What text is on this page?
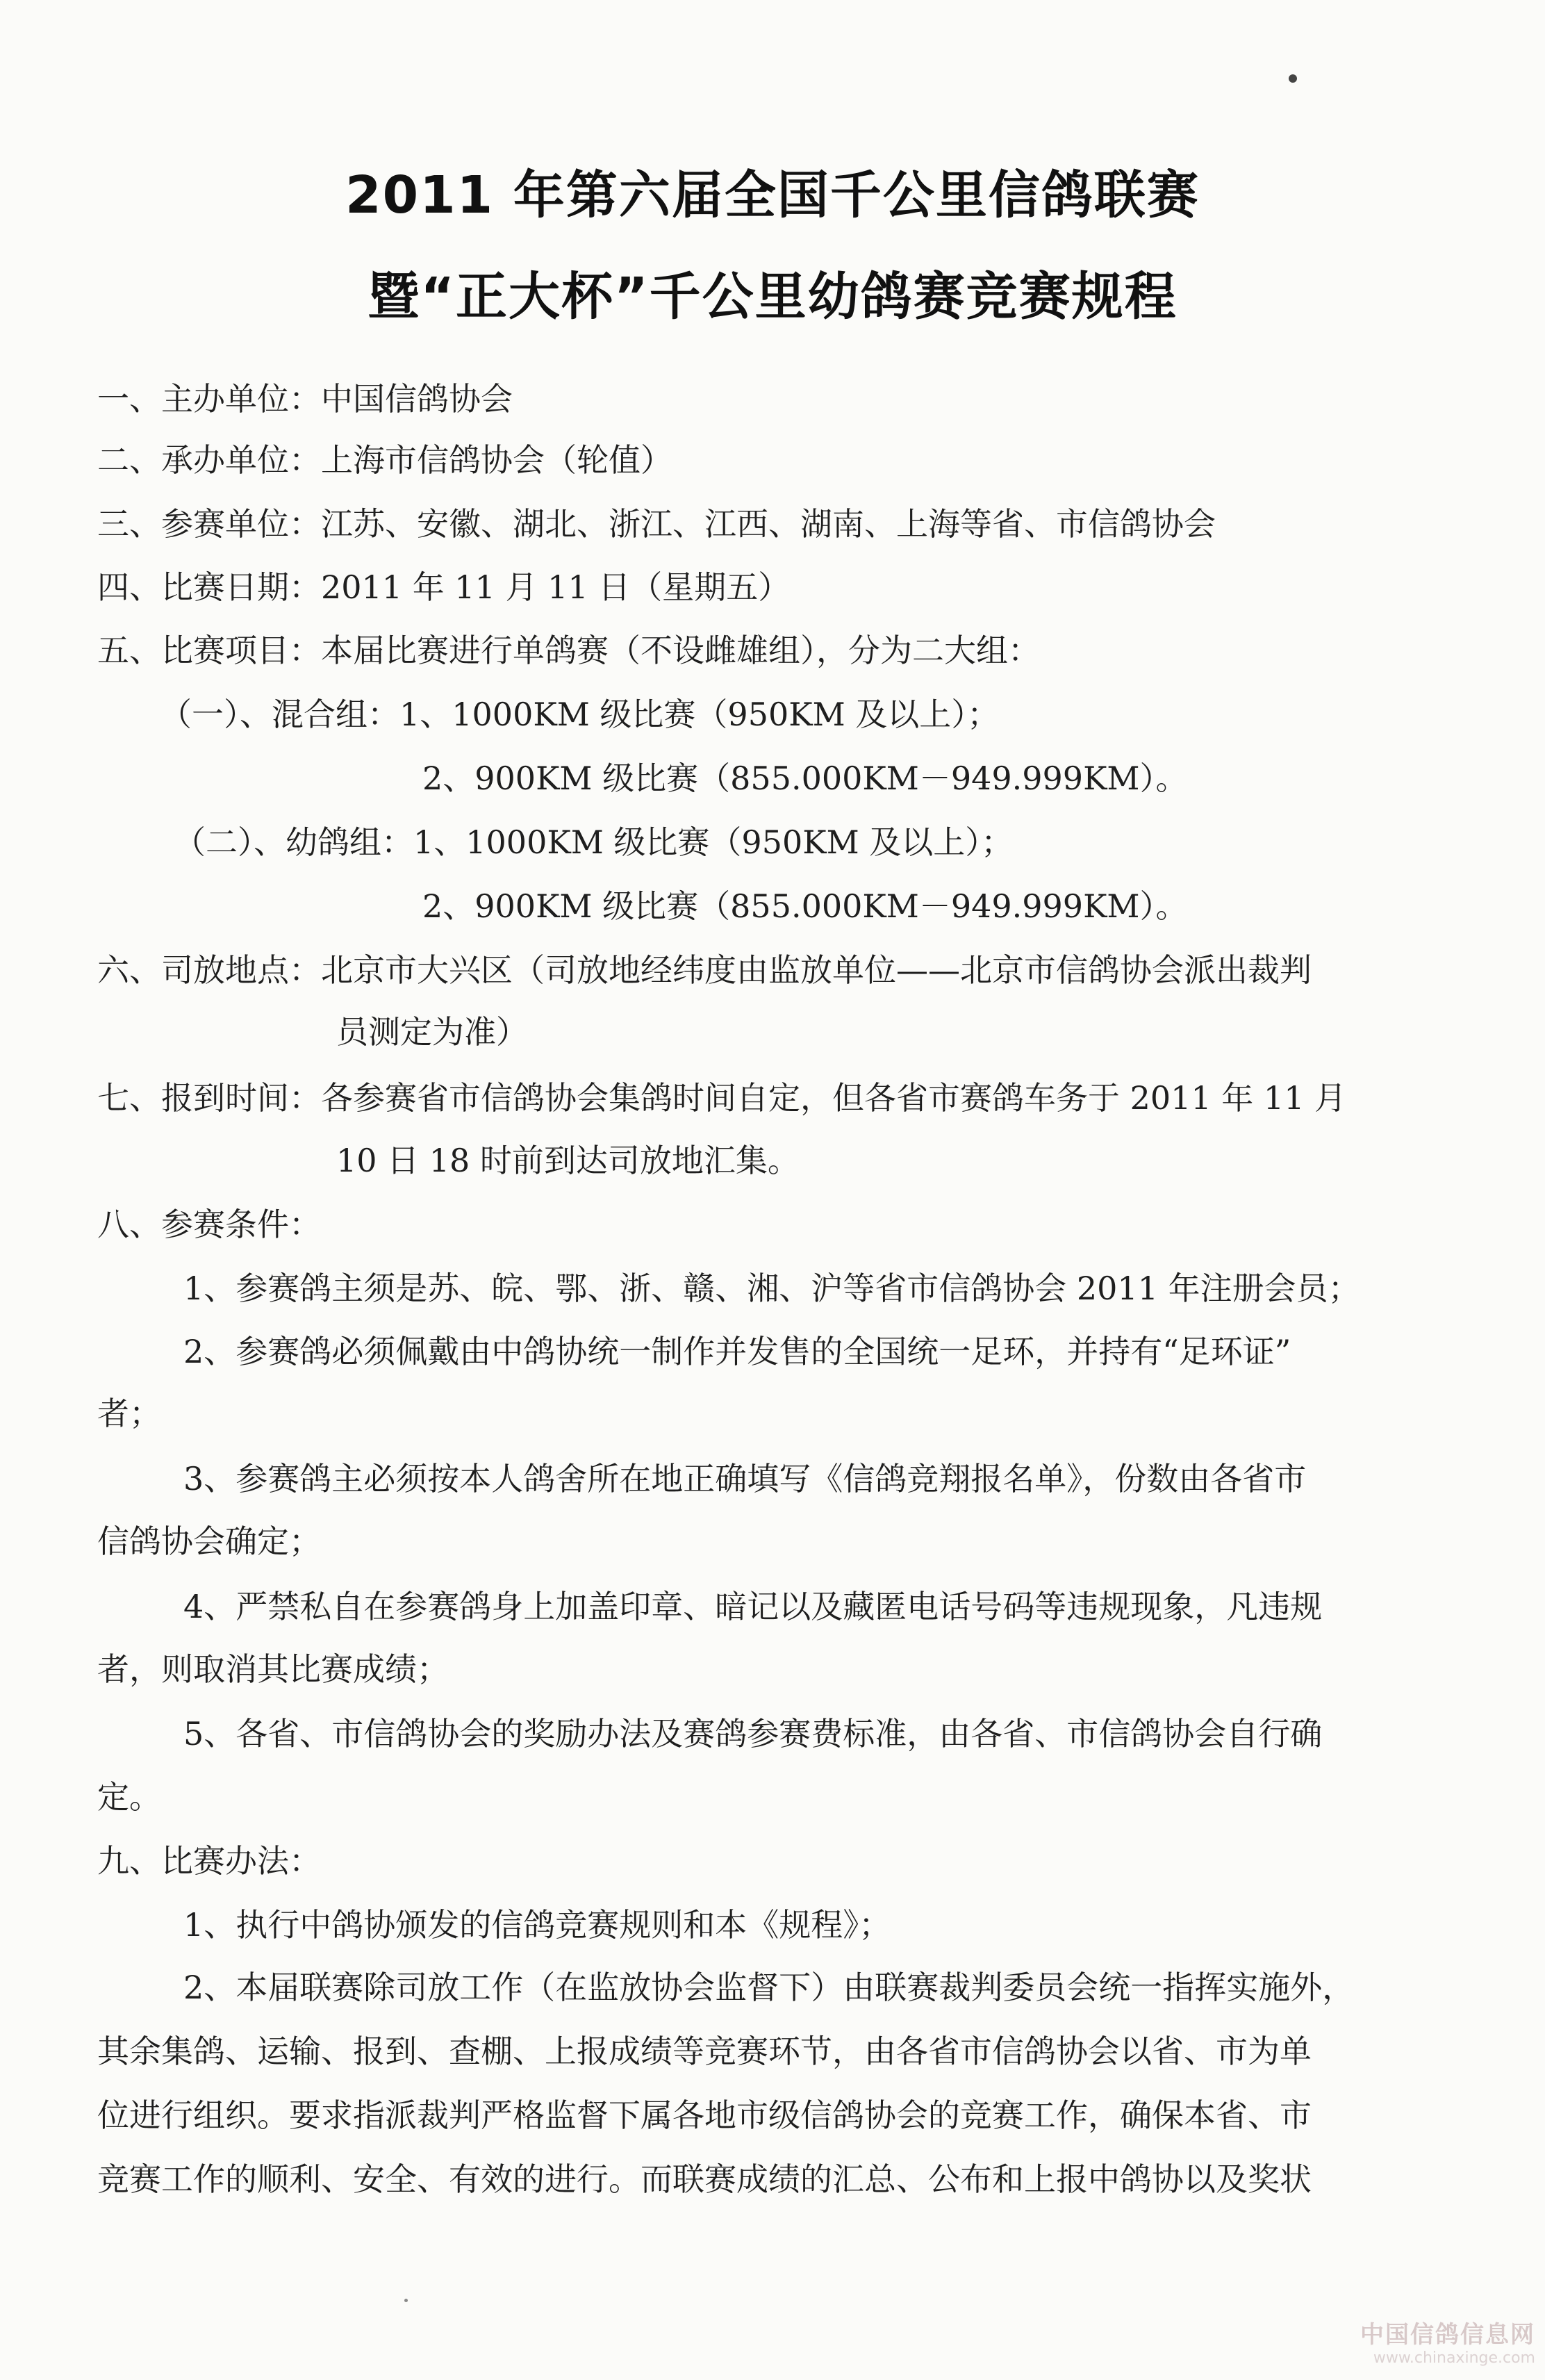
2011 年第六届全国千公里信鸽联赛
暨“正大杯”千公里幼鸽赛竞赛规程
一、主办单位：中国信鸽协会
二、承办单位：上海市信鸽协会（轮值）
三、参赛单位：江苏、安徽、湖北、浙江、江西、湖南、上海等省、市信鸽协会
四、比赛日期：2011 年 11 月 11 日（星期五）
五、比赛项目：本届比赛进行单鸽赛（不设雌雄组），分为二大组：
（一）、混合组：1、1000KM 级比赛（950KM 及以上）；
2、900KM 级比赛（855.000KM－949.999KM）。
（二）、幼鸽组：1、1000KM 级比赛（950KM 及以上）；
2、900KM 级比赛（855.000KM－949.999KM）。
六、司放地点：北京市大兴区（司放地经纬度由监放单位——北京市信鸽协会派出裁判
员测定为准）
七、报到时间：各参赛省市信鸽协会集鸽时间自定，但各省市赛鸽车务于 2011 年 11 月
10 日 18 时前到达司放地汇集。
八、参赛条件：
1、参赛鸽主须是苏、皖、鄂、浙、赣、湘、沪等省市信鸽协会 2011 年注册会员；
2、参赛鸽必须佩戴由中鸽协统一制作并发售的全国统一足环，并持有“足环证”
者；
3、参赛鸽主必须按本人鸽舍所在地正确填写《信鸽竞翔报名单》，份数由各省市
信鸽协会确定；
4、严禁私自在参赛鸽身上加盖印章、暗记以及藏匿电话号码等违规现象，凡违规
者，则取消其比赛成绩；
5、各省、市信鸽协会的奖励办法及赛鸽参赛费标准，由各省、市信鸽协会自行确
定。
九、比赛办法：
1、执行中鸽协颁发的信鸽竞赛规则和本《规程》；
2、本届联赛除司放工作（在监放协会监督下）由联赛裁判委员会统一指挥实施外，
其余集鸽、运输、报到、查棚、上报成绩等竞赛环节，由各省市信鸽协会以省、市为单
位进行组织。要求指派裁判严格监督下属各地市级信鸽协会的竞赛工作，确保本省、市
竞赛工作的顺利、安全、有效的进行。而联赛成绩的汇总、公布和上报中鸽协以及奖状
中国信鸽信息网
www.chinaxinge.com
